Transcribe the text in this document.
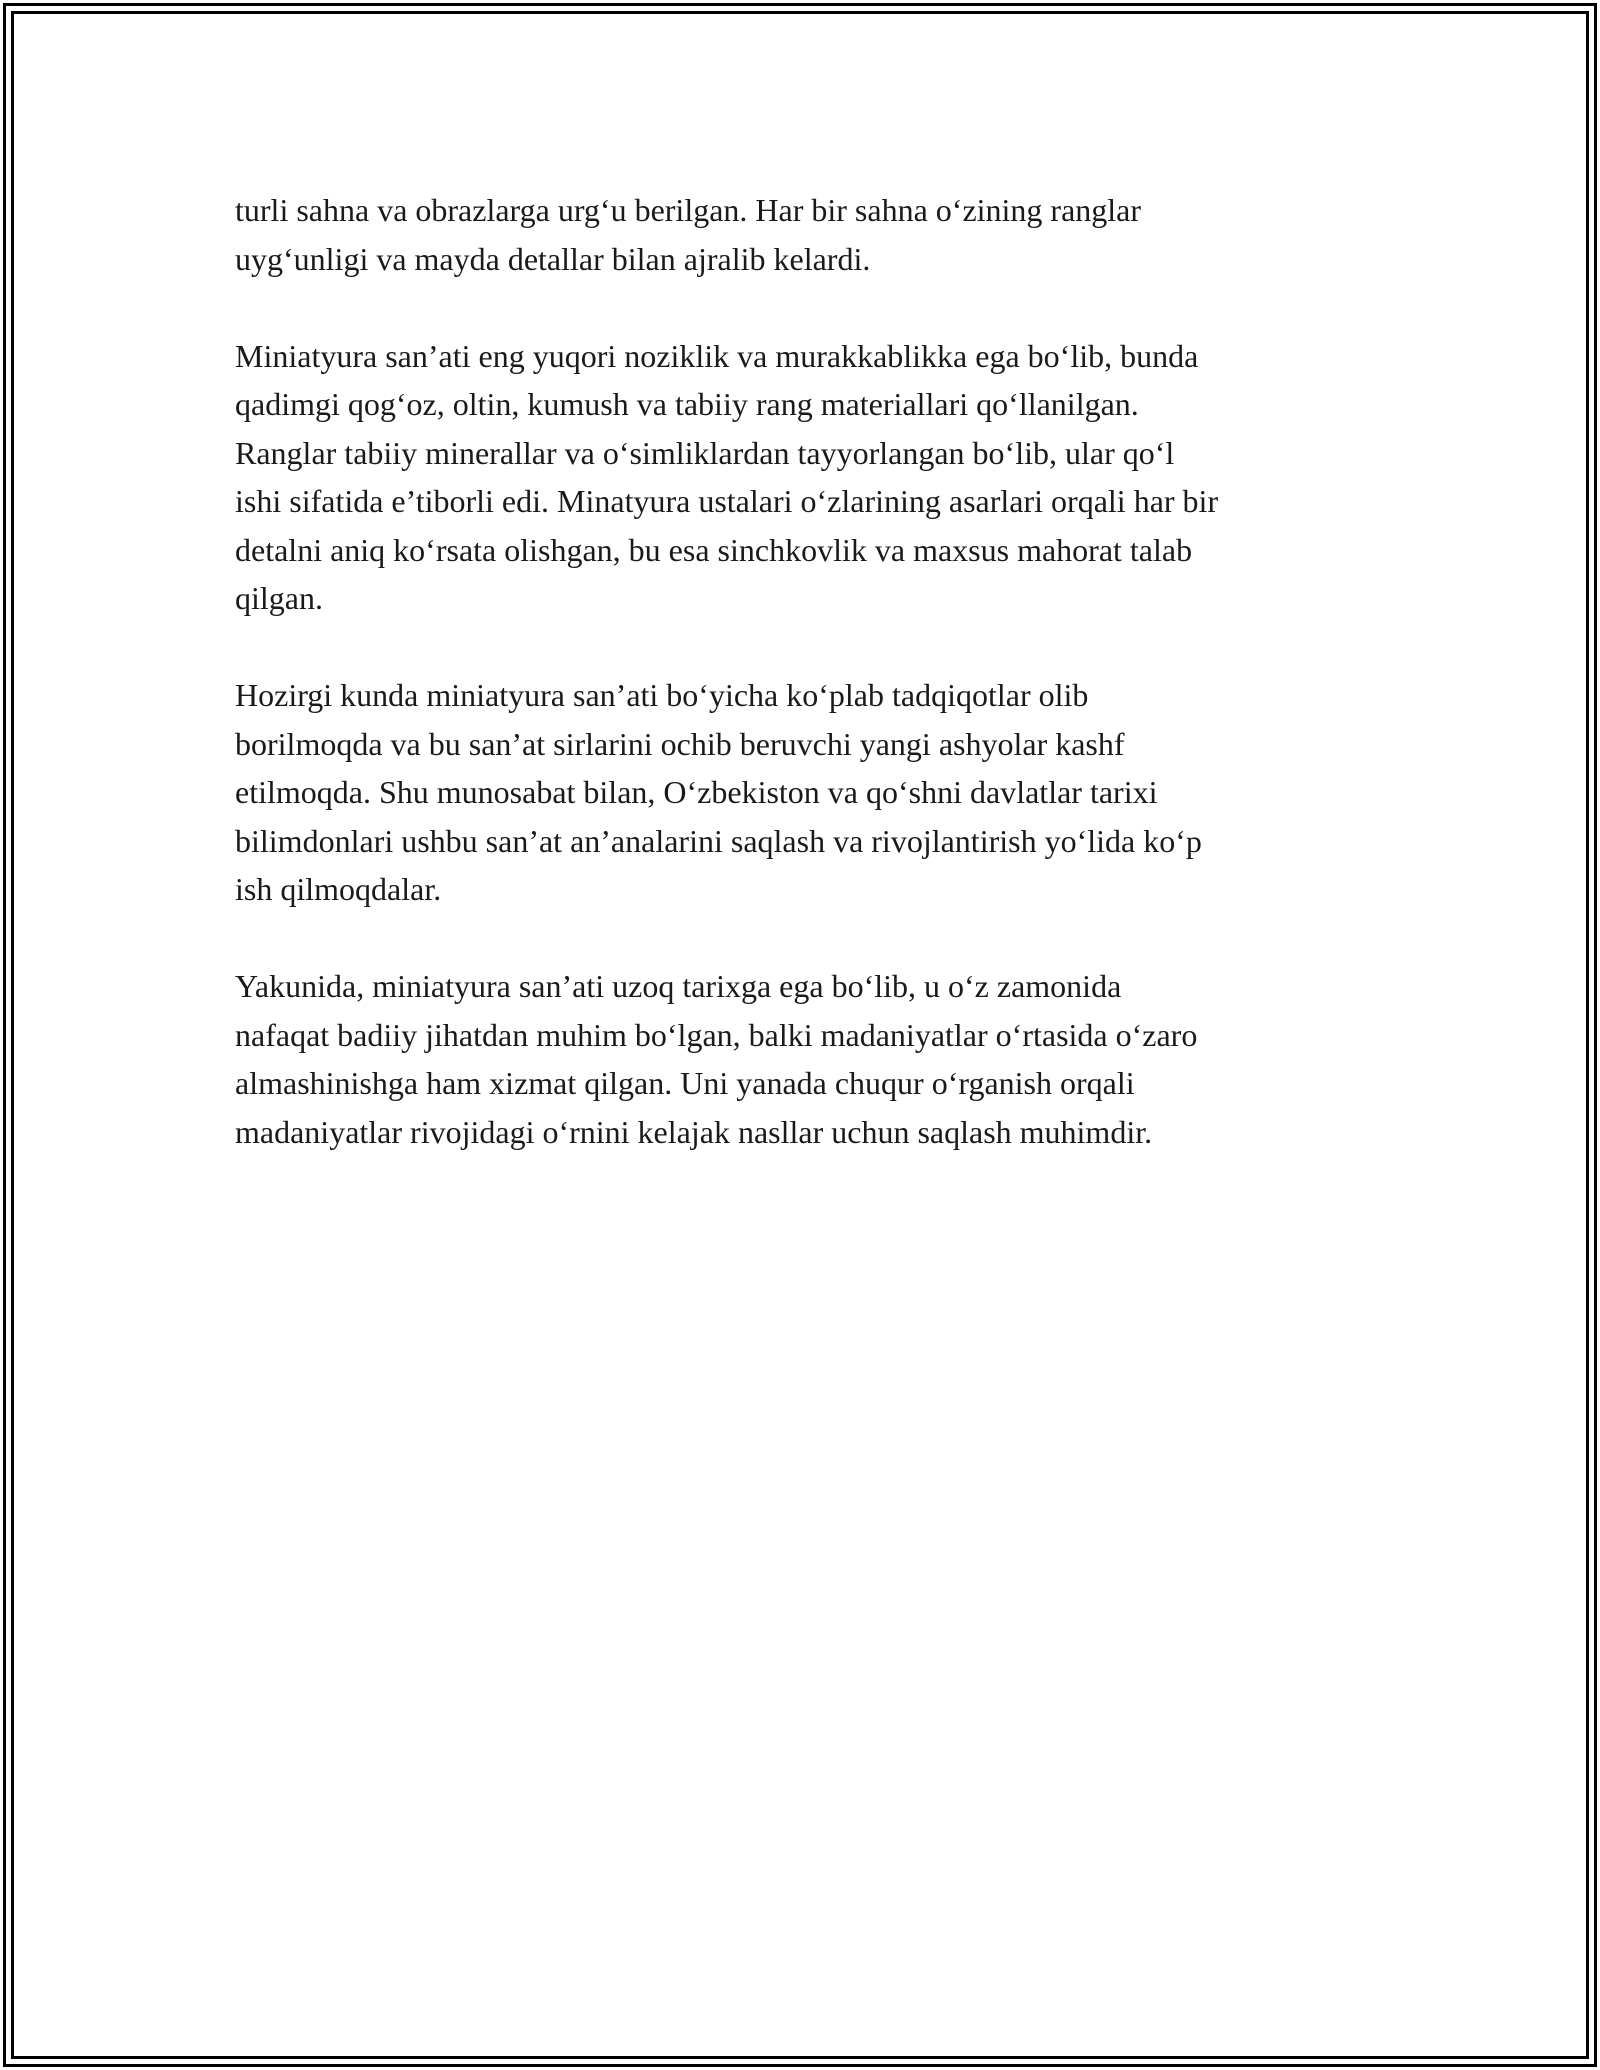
turli sahna va obrazlarga urg‘u berilgan. Har bir sahna o‘zining ranglar
uyg‘unligi va mayda detallar bilan ajralib kelardi.

Miniatyura san’ati eng yuqori noziklik va murakkablikka ega bo‘lib, bunda
qadimgi qog‘oz, oltin, kumush va tabiiy rang materiallari qo‘llanilgan.
Ranglar tabiiy minerallar va o‘simliklardan tayyorlangan bo‘lib, ular qo‘l
ishi sifatida e’tiborli edi. Minatyura ustalari o‘zlarining asarlari orqali har bir
detalni aniq ko‘rsata olishgan, bu esa sinchkovlik va maxsus mahorat talab
qilgan.

Hozirgi kunda miniatyura san’ati bo‘yicha ko‘plab tadqiqotlar olib
borilmoqda va bu san’at sirlarini ochib beruvchi yangi ashyolar kashf
etilmoqda. Shu munosabat bilan, O‘zbekiston va qo‘shni davlatlar tarixi
bilimdonlari ushbu san’at an’analarini saqlash va rivojlantirish yo‘lida ko‘p
ish qilmoqdalar.

Yakunida, miniatyura san’ati uzoq tarixga ega bo‘lib, u o‘z zamonida
nafaqat badiiy jihatdan muhim bo‘lgan, balki madaniyatlar o‘rtasida o‘zaro
almashinishga ham xizmat qilgan. Uni yanada chuqur o‘rganish orqali
madaniyatlar rivojidagi o‘rnini kelajak nasllar uchun saqlash muhimdir.
